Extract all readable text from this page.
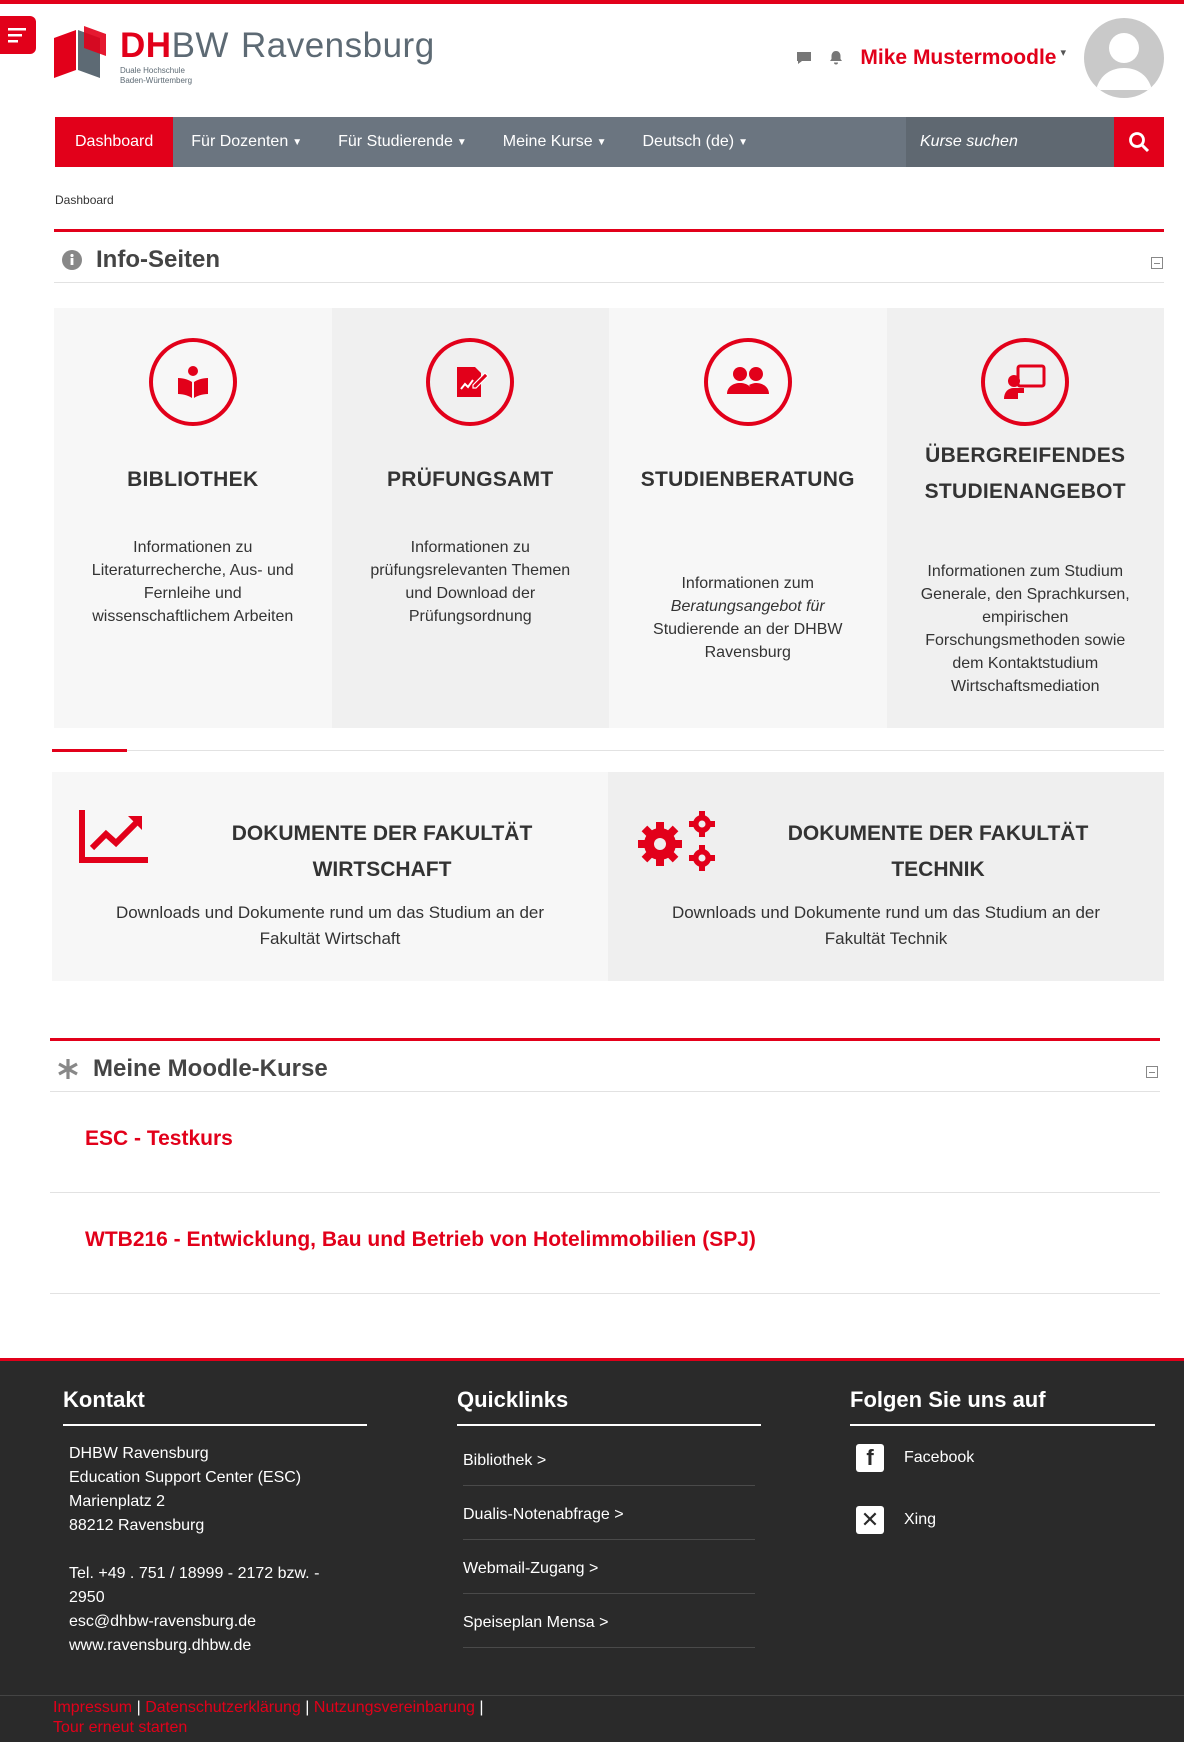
DHBW Ravensburg
Duale Hochschule
Baden-Württemberg
Mike Mustermoodle ▾
Dashboard Für Dozenten ▼ Für Studierende ▼ Meine Kurse ▼ Deutsch (de) ▼	Kurse suchen
Dashboard
Info-Seiten
BIBLIOTHEK
Informationen zu Literaturrecherche, Aus- und Fernleihe und wissenschaftlichem Arbeiten
PRÜFUNGSAMT
Informationen zu prüfungsrelevanten Themen und Download der Prüfungsordnung
STUDIENBERATUNG
Informationen zum
Beratungsangebot für
Studierende an der DHBW Ravensburg
ÜBERGREIFENDES
STUDIENANGEBOT
Informationen zum Studium Generale, den Sprachkursen, empirischen Forschungsmethoden sowie dem Kontaktstudium Wirtschaftsmediation
DOKUMENTE DER FAKULTÄT
WIRTSCHAFT
Downloads und Dokumente rund um das Studium an der Fakultät Wirtschaft
DOKUMENTE DER FAKULTÄT
TECHNIK
Downloads und Dokumente rund um das Studium an der Fakultät Technik
Meine Moodle-Kurse
ESC - Testkurs
WTB216 - Entwicklung, Bau und Betrieb von Hotelimmobilien (SPJ)
Kontakt
DHBW Ravensburg
Education Support Center (ESC)
Marienplatz 2
88212 Ravensburg
Tel. +49 . 751 / 18999 - 2172 bzw. -
2950
esc@dhbw-ravensburg.de
www.ravensburg.dhbw.de
Quicklinks
Bibliothek >
Dualis-Notenabfrage >
Webmail-Zugang >
Speiseplan Mensa >
Folgen Sie uns auf
f	Facebook
✕ Xing
Impressum | Datenschutzerklärung | Nutzungsvereinbarung |
Tour erneut starten
